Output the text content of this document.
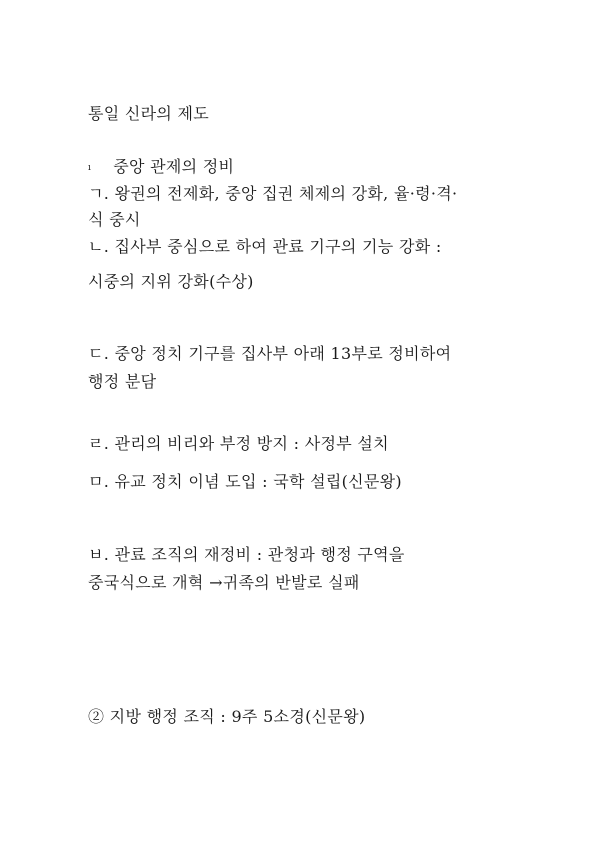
통일 신라의 제도
ı 중앙 관제의 정비
ㄱ. 왕권의 전제화, 중앙 집권 체제의 강화, 율·령·격·
식 중시
ㄴ. 집사부 중심으로 하여 관료 기구의 기능 강화 :
시중의 지위 강화(수상)
ㄷ. 중앙 정치 기구를 집사부 아래 13부로 정비하여
행정 분담
ㄹ. 관리의 비리와 부정 방지 : 사정부 설치
ㅁ. 유교 정치 이념 도입 : 국학 설립(신문왕)
ㅂ. 관료 조직의 재정비 : 관청과 행정 구역을
중국식으로 개혁 →귀족의 반발로 실패
② 지방 행정 조직 : 9주 5소경(신문왕)
